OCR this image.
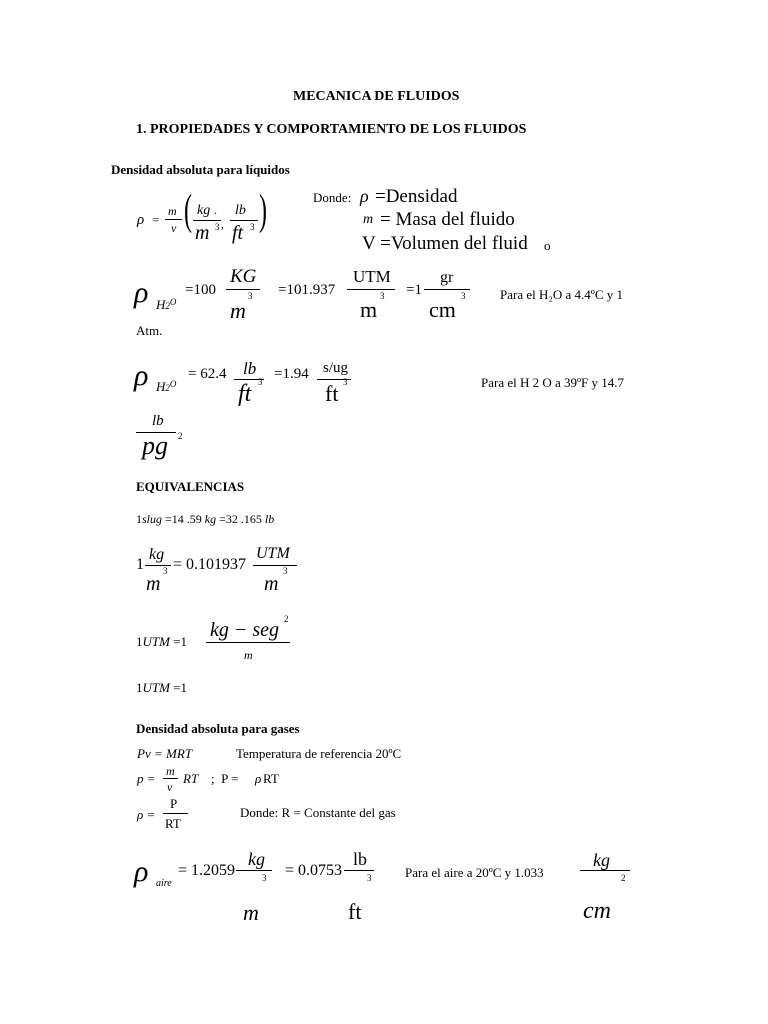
MECANICA DE FLUIDOS
1. PROPIEDADES Y COMPORTAMIENTO DE LOS FLUIDOS
Densidad absoluta para líquidos
ρ =
m
v ( kg .
m 3 ,
lb
ft 3 )	Donde: ρ =Densidad
m = Masa del fluido
V =Volumen del fluid o
ρ $H2^O$
=100
KG
3
m
=101.937
UTM
3
m
=1
gr
3
cm
Para el H₂O a 4.4ºC y 1
Atm.
ρ $H2^O$
= 62.4 lb
3
ft
=1.94 s/ug
3
ft	Para el H 2 O a 39ºF y 14.7
lb
2
pg
EQUIVALENCIAS
1slug =14 .59 kg =32 .165 lb
1
kg
3
m
= 0.101937
UTM
3
m
1UTM =1
kg − seg 2
m
1UTM =1
Densidad absoluta para gases
Pv = MRT	Temperatura de referencia 20ºC
p = m
v
RT ;  P = ρ RT
ρ =
P
RT
Donde: R = Constante del gas
ρ aire
= 1.2059
kg
3
m
= 0.0753
lb
3
ft
Para el aire a 20ºC y 1.033
kg
2
cm
